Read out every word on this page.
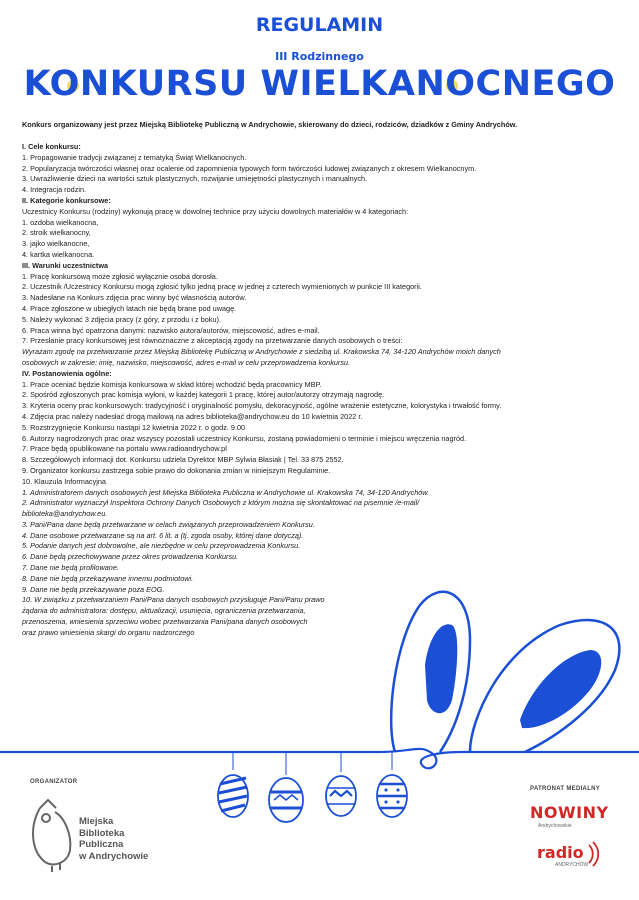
REGULAMIN
III Rodzinnego
KONKURSU WIELKANOCNEGO
Konkurs organizowany jest przez Miejską Bibliotekę Publiczną w Andrychowie, skierowany do dzieci, rodziców, dziadków z Gminy Andrychów.

I. Cele konkursu:

1. Propagowanie tradycji związanej z tematyką Świąt Wielkanocnych.

2. Popularyzacja twórczości własnej oraz ocalenie od zapomnienia typowych form twórczości ludowej związanych z okresem Wielkanocnym.

3. Uwrażliwienie dzieci na wartości sztuk plastycznych, rozwijanie umiejętności plastycznych i manualnych.

4. Integracja rodzin.

II. Kategorie konkursowe:

Uczestnicy Konkursu (rodziny) wykonują pracę w dowolnej technice przy użyciu dowolnych materiałów w 4 kategoriach:

1. ozdoba wielkanocna,

2. stroik wielkanocny,

3. jajko wielkanocne,

4. kartka wielkanocna.

III. Warunki uczestnictwa

1. Pracę konkursową może zgłosić wyłącznie osoba dorosła.

2. Uczestnik /Uczestnicy Konkursu mogą zgłosić tylko jedną pracę w jednej z czterech wymienionych w punkcie III kategorii.

3. Nadesłane na Konkurs zdjęcia prac winny być własnością autorów.

4. Prace zgłoszone w ubiegłych latach nie będą brane pod uwagę.

5. Należy wykonać 3 zdjęcia pracy (z góry, z przodu i z boku).

6. Praca winna być opatrzona danymi: nazwisko autora/autorów, miejscowość, adres e-mail.

7. Przesłanie pracy konkursowej jest równoznaczne z akceptacją zgody na przetwarzanie danych osobowych o treści:

Wyrażam zgodę na przetwarzanie przez Miejską Bibliotekę Publiczną w Andrychowie z siedzibą ul. Krakowska 74, 34-120 Andrychów moich danych

osobowych w zakresie: imię, nazwisko, miejscowość, adres e-mail w celu przeprowadzenia konkursu.

IV. Postanowienia ogólne:

1. Prace oceniać będzie komisja konkursowa w skład której wchodzić będą pracownicy MBP.

2. Spośród zgłoszonych prac komisja wyłoni, w każdej kategorii 1 pracę, której autor/autorzy otrzymają nagrodę.

3. Kryteria oceny prac konkursowych: tradycyjność i oryginalność pomysłu, dekoracyjność, ogólne wrażenie estetyczne, kolorystyka i trwałość formy.

4. Zdjęcia prac należy nadesłać drogą mailową na adres biblioteka@andrychow.eu do 10 kwietnia 2022 r.

5. Rozstrzygnięcie Konkursu nastąpi 12 kwietnia 2022 r. o godz. 9.00

6. Autorzy nagrodzonych prac oraz wszyscy pozostali uczestnicy Konkursu, zostaną powiadomieni o terminie i miejscu wręczenia nagród.

7. Prace będą opublikowane na portalu www.radioandrychow.pl

8. Szczegółowych informacji dot. Konkursu udziela Dyrektor MBP Sylwia Błasiak | Tel. 33 875 2552.

9. Organizator konkursu zastrzega sobie prawo do dokonania zmian w niniejszym Regulaminie.

10. Klauzula Informacyjna

1. Administratorem danych osobowych jest Miejska Biblioteka Publiczna w Andrychowie ul. Krakowska 74, 34-120 Andrychów.

2. Administrator wyznaczył Inspektora Ochrony Danych Osobowych z którym można się skontaktować na pisemnie /e-mail/

biblioteka@andrychow.eu.

3. Pani/Pana dane będą przetwarzane w celach związanych przeprowadzeniem Konkursu.

4. Dane osobowe przetwarzane są na art. 6 lit. a (tj. zgoda osoby, której dane dotyczą).

5. Podanie danych jest dobrowolne, ale niezbędne w celu przeprowadzenia Konkursu.

6. Dane będą przechowywane przez okres prowadzenia Konkursu.

7. Dane nie będą profilowane.

8. Dane nie będą przekazywane innemu podmiotowi.

9. Dane nie będą przekazywane poza EOG.

10. W związku z przetwarzaniem Pani/Pana danych osobowych przysługuje Pani/Panu prawo

żądania do administratora: dostępu, aktualizacji, usunięcia, ograniczenia przetwarzania,

przenoszenia, wniesienia sprzeciwu wobec przetwarzania Pani/pana danych osobowych

oraz prawo wniesienia skargi do organu nadzorczego

ORGANIZATOR
Miejska
Biblioteka
Publiczna
w Andrychowie
PATRONAT MEDIALNY
NOWINY
Andrychowskie
radio
ANDRYCHÓW
